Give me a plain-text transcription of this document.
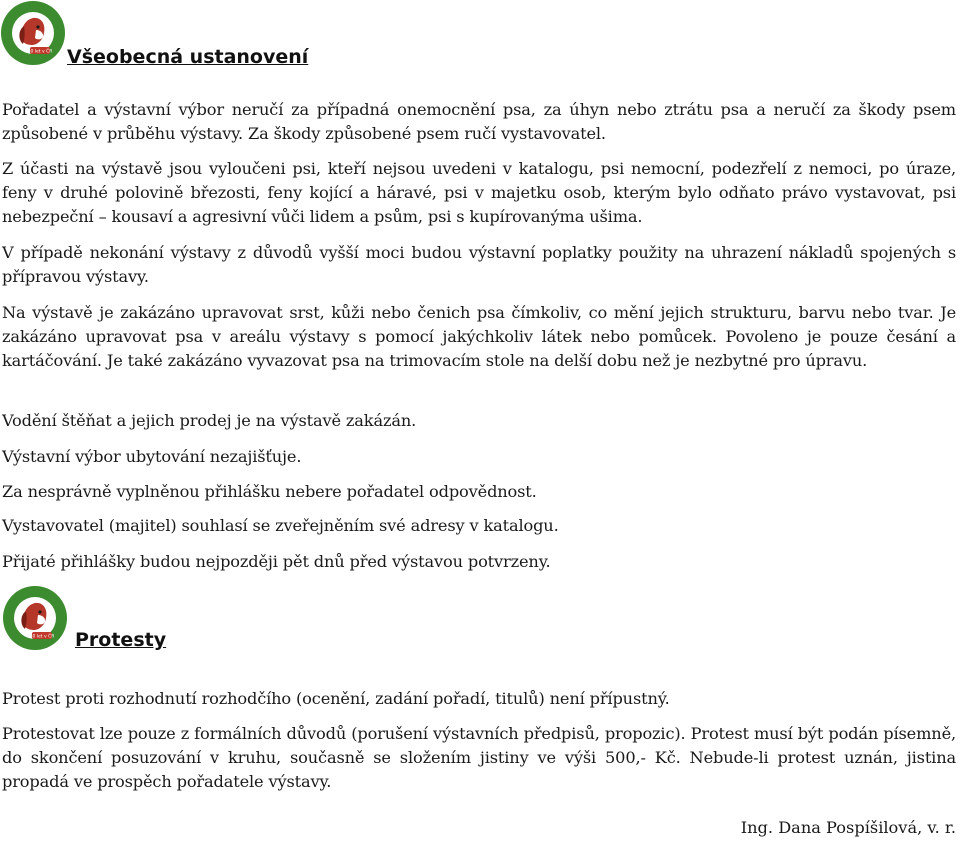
50 let v ČR Všeobecná ustanovení

Pořadatel a výstavní výbor neručí za případná onemocnění psa, za úhyn nebo ztrátu psa a neručí za škody psem způsobené v průběhu výstavy. Za škody způsobené psem ručí vystavovatel.

Z účasti na výstavě jsou vyloučeni psi, kteří nejsou uvedeni v katalogu, psi nemocní, podezřelí z nemoci, po úraze, feny v druhé polovině březosti, feny kojící a háravé, psi v majetku osob, kterým bylo odňato právo vystavovat, psi nebezpeční – kousaví a agresivní vůči lidem a psům, psi s kupírovanýma ušima.

V případě nekonání výstavy z důvodů vyšší moci budou výstavní poplatky použity na uhrazení nákladů spojených s přípravou výstavy.

Na výstavě je zakázáno upravovat srst, kůži nebo čenich psa čímkoliv, co mění jejich strukturu, barvu nebo tvar. Je zakázáno upravovat psa v areálu výstavy s pomocí jakýchkoliv látek nebo pomůcek. Povoleno je pouze česání a kartáčování. Je také zakázáno vyvazovat psa na trimovacím stole na delší dobu než je nezbytné pro úpravu.

Vodění štěňat a jejich prodej je na výstavě zakázán.

Výstavní výbor ubytování nezajišťuje.

Za nesprávně vyplněnou přihlášku nebere pořadatel odpovědnost.

Vystavovatel (majitel) souhlasí se zveřejněním své adresy v katalogu.

Přijaté přihlášky budou nejpozději pět dnů před výstavou potvrzeny.

50 let v ČR Protesty

Protest proti rozhodnutí rozhodčího (ocenění, zadání pořadí, titulů) není přípustný.

Protestovat lze pouze z formálních důvodů (porušení výstavních předpisů, propozic). Protest musí být podán písemně, do skončení posuzování v kruhu, současně se složením jistiny ve výši 500,- Kč. Nebude-li protest uznán, jistina propadá ve prospěch pořadatele výstavy.

Ing. Dana Pospíšilová, v. r.
